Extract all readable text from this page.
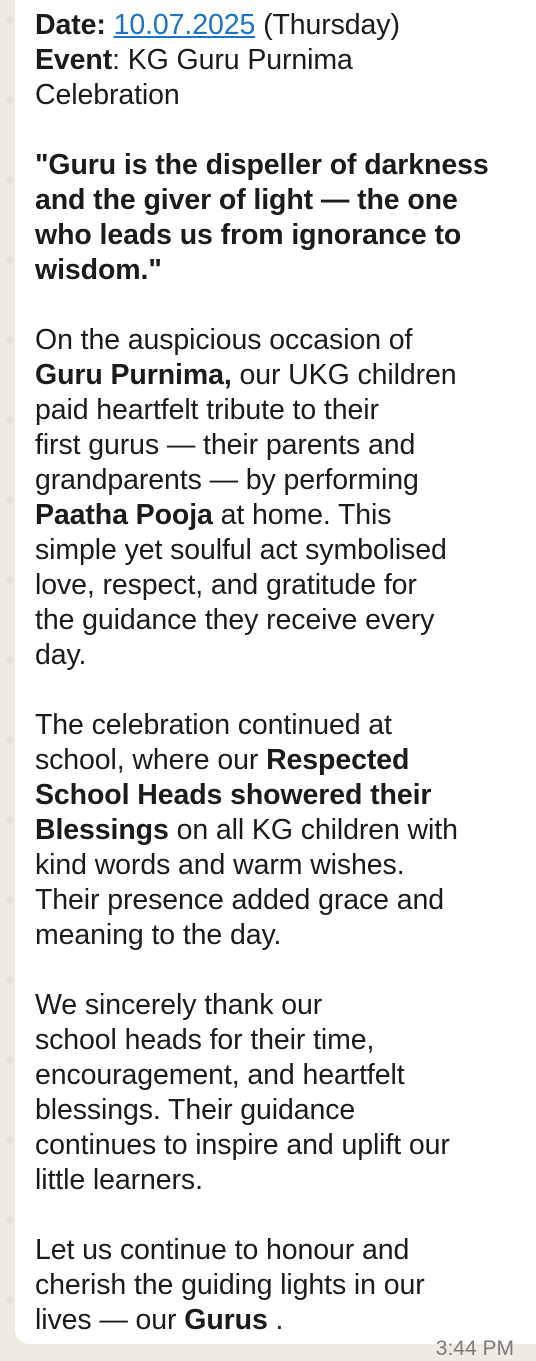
Date: 10.07.2025 (Thursday)
Event: KG Guru Purnima
Celebration
"Guru is the dispeller of darkness
and the giver of light — the one
who leads us from ignorance to
wisdom."
On the auspicious occasion of
Guru Purnima, our UKG children
paid heartfelt tribute to their
first gurus — their parents and
grandparents — by performing
Paatha Pooja at home. This
simple yet soulful act symbolised
love, respect, and gratitude for
the guidance they receive every
day.
The celebration continued at
school, where our Respected
School Heads showered their
Blessings on all KG children with
kind words and warm wishes.
Their presence added grace and
meaning to the day.
We sincerely thank our
school heads for their time,
encouragement, and heartfelt
blessings. Their guidance
continues to inspire and uplift our
little learners.
Let us continue to honour and
cherish the guiding lights in our
lives — our Gurus .
3:44 PM
